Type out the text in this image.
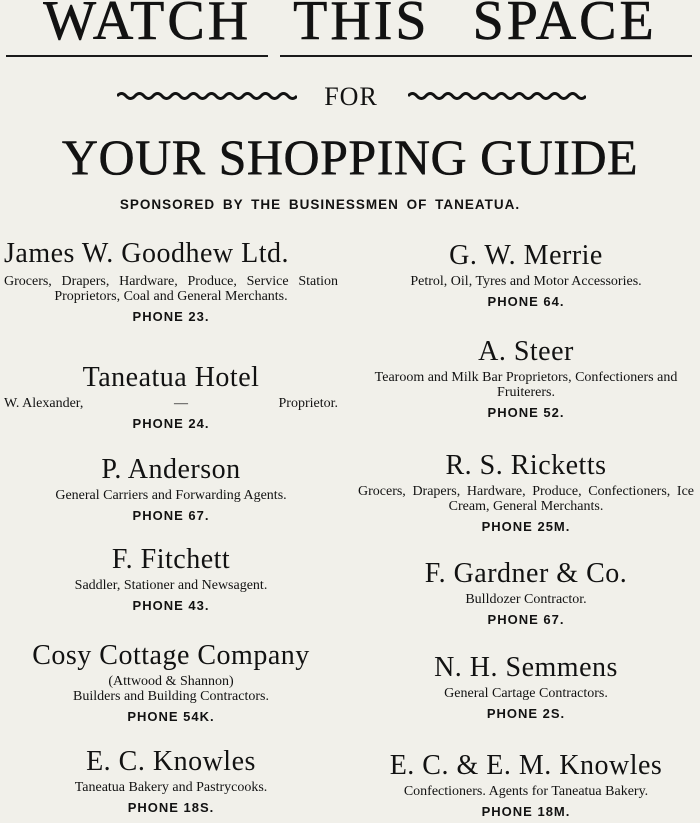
WATCH THIS SPACE
FOR
YOUR SHOPPING GUIDE
SPONSORED BY THE BUSINESSMEN OF TANEATUA.
James W. Goodhew Ltd.
Grocers, Drapers, Hardware, Produce, Service Station Proprietors, Coal and General Merchants.
PHONE 23.
Taneatua Hotel
W. Alexander,	—	Proprietor.
PHONE 24.
P. Anderson
General Carriers and Forwarding Agents.
PHONE 67.
F. Fitchett
Saddler, Stationer and Newsagent.
PHONE 43.
Cosy Cottage Company
(Attwood & Shannon)
Builders and Building Contractors.
PHONE 54K.
E. C. Knowles
Taneatua Bakery and Pastrycooks.
PHONE 18S.
G. W. Merrie
Petrol, Oil, Tyres and Motor Accessories.
PHONE 64.
A. Steer
Tearoom and Milk Bar Proprietors, Confectioners and Fruiterers.
PHONE 52.
R. S. Ricketts
Grocers, Drapers, Hardware, Produce, Confectioners, Ice Cream, General Merchants.
PHONE 25M.
F. Gardner & Co.
Bulldozer Contractor.
PHONE 67.
N. H. Semmens
General Cartage Contractors.
PHONE 2S.
E. C. & E. M. Knowles
Confectioners. Agents for Taneatua Bakery.
PHONE 18M.
